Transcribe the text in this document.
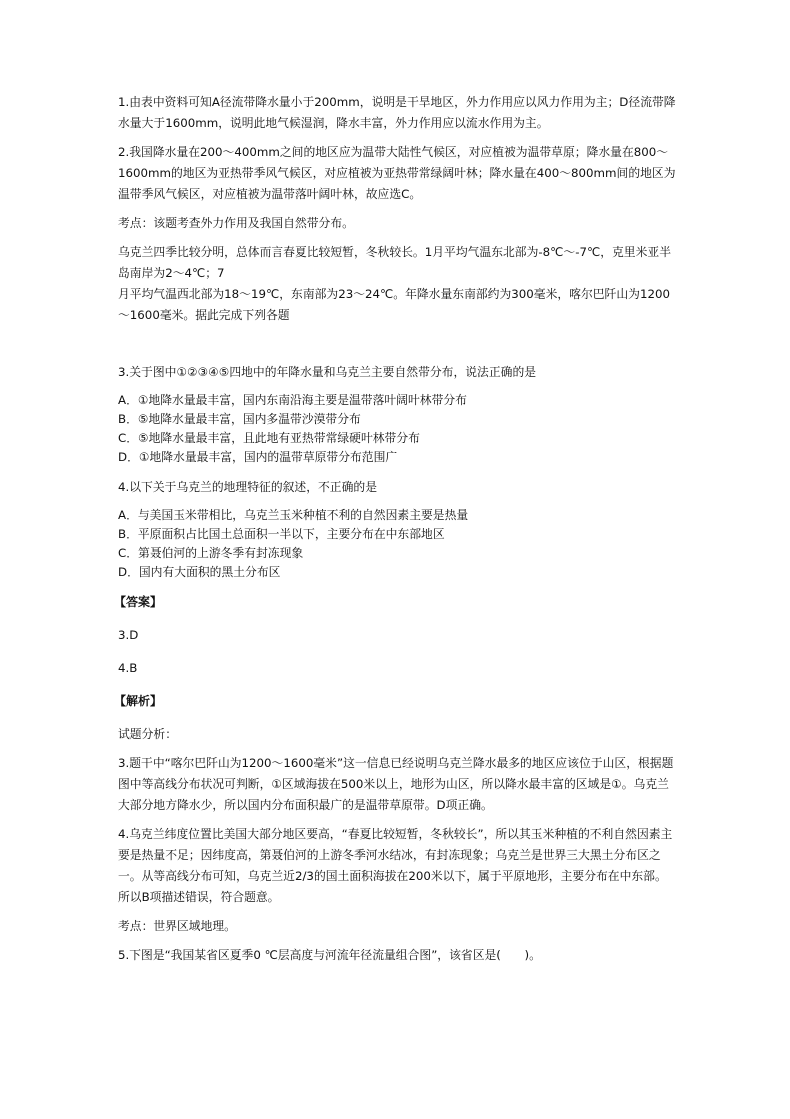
1.由表中资料可知A径流带降水量小于200mm，说明是干旱地区，外力作用应以风力作用为主；D径流带降水量大于1600mm，说明此地气候湿润，降水丰富，外力作用应以流水作用为主。

2.我国降水量在200～400mm之间的地区应为温带大陆性气候区，对应植被为温带草原；降水量在800～1600mm的地区为亚热带季风气候区，对应植被为亚热带常绿阔叶林；降水量在400～800mm间的地区为温带季风气候区，对应植被为温带落叶阔叶林，故应选C。

考点：该题考查外力作用及我国自然带分布。

乌克兰四季比较分明，总体而言春夏比较短暂，冬秋较长。1月平均气温东北部为-8℃～-7℃，克里米亚半岛南岸为2～4℃；7
月平均气温西北部为18～19℃，东南部为23～24℃。年降水量东南部约为300毫米，喀尔巴阡山为1200～1600毫米。据此完成下列各题

3.关于图中①②③④⑤四地中的年降水量和乌克兰主要自然带分布，说法正确的是

A．①地降水量最丰富，国内东南沿海主要是温带落叶阔叶林带分布
B．⑤地降水量最丰富，国内多温带沙漠带分布
C．⑤地降水量最丰富，且此地有亚热带常绿硬叶林带分布
D．①地降水量最丰富，国内的温带草原带分布范围广

4.以下关于乌克兰的地理特征的叙述，不正确的是

A．与美国玉米带相比，乌克兰玉米种植不利的自然因素主要是热量
B．平原面积占比国土总面积一半以下，主要分布在中东部地区
C．第聂伯河的上游冬季有封冻现象
D．国内有大面积的黑土分布区
【答案】
3.D
4.B
【解析】

试题分析：

3.题干中“喀尔巴阡山为1200～1600毫米”这一信息已经说明乌克兰降水最多的地区应该位于山区，根据题图中等高线分布状况可判断，①区域海拔在500米以上，地形为山区，所以降水最丰富的区域是①。乌克兰大部分地方降水少，所以国内分布面积最广的是温带草原带。D项正确。

4.乌克兰纬度位置比美国大部分地区要高，“春夏比较短暂，冬秋较长”，所以其玉米种植的不利自然因素主要是热量不足；因纬度高，第聂伯河的上游冬季河水结冰，有封冻现象；乌克兰是世界三大黑土分布区之一。从等高线分布可知，乌克兰近2/3的国土面积海拔在200米以下，属于平原地形，主要分布在中东部。所以B项描述错误，符合题意。

考点：世界区域地理。

5.下图是“我国某省区夏季0 ℃层高度与河流年径流量组合图”，该省区是(　　)。
